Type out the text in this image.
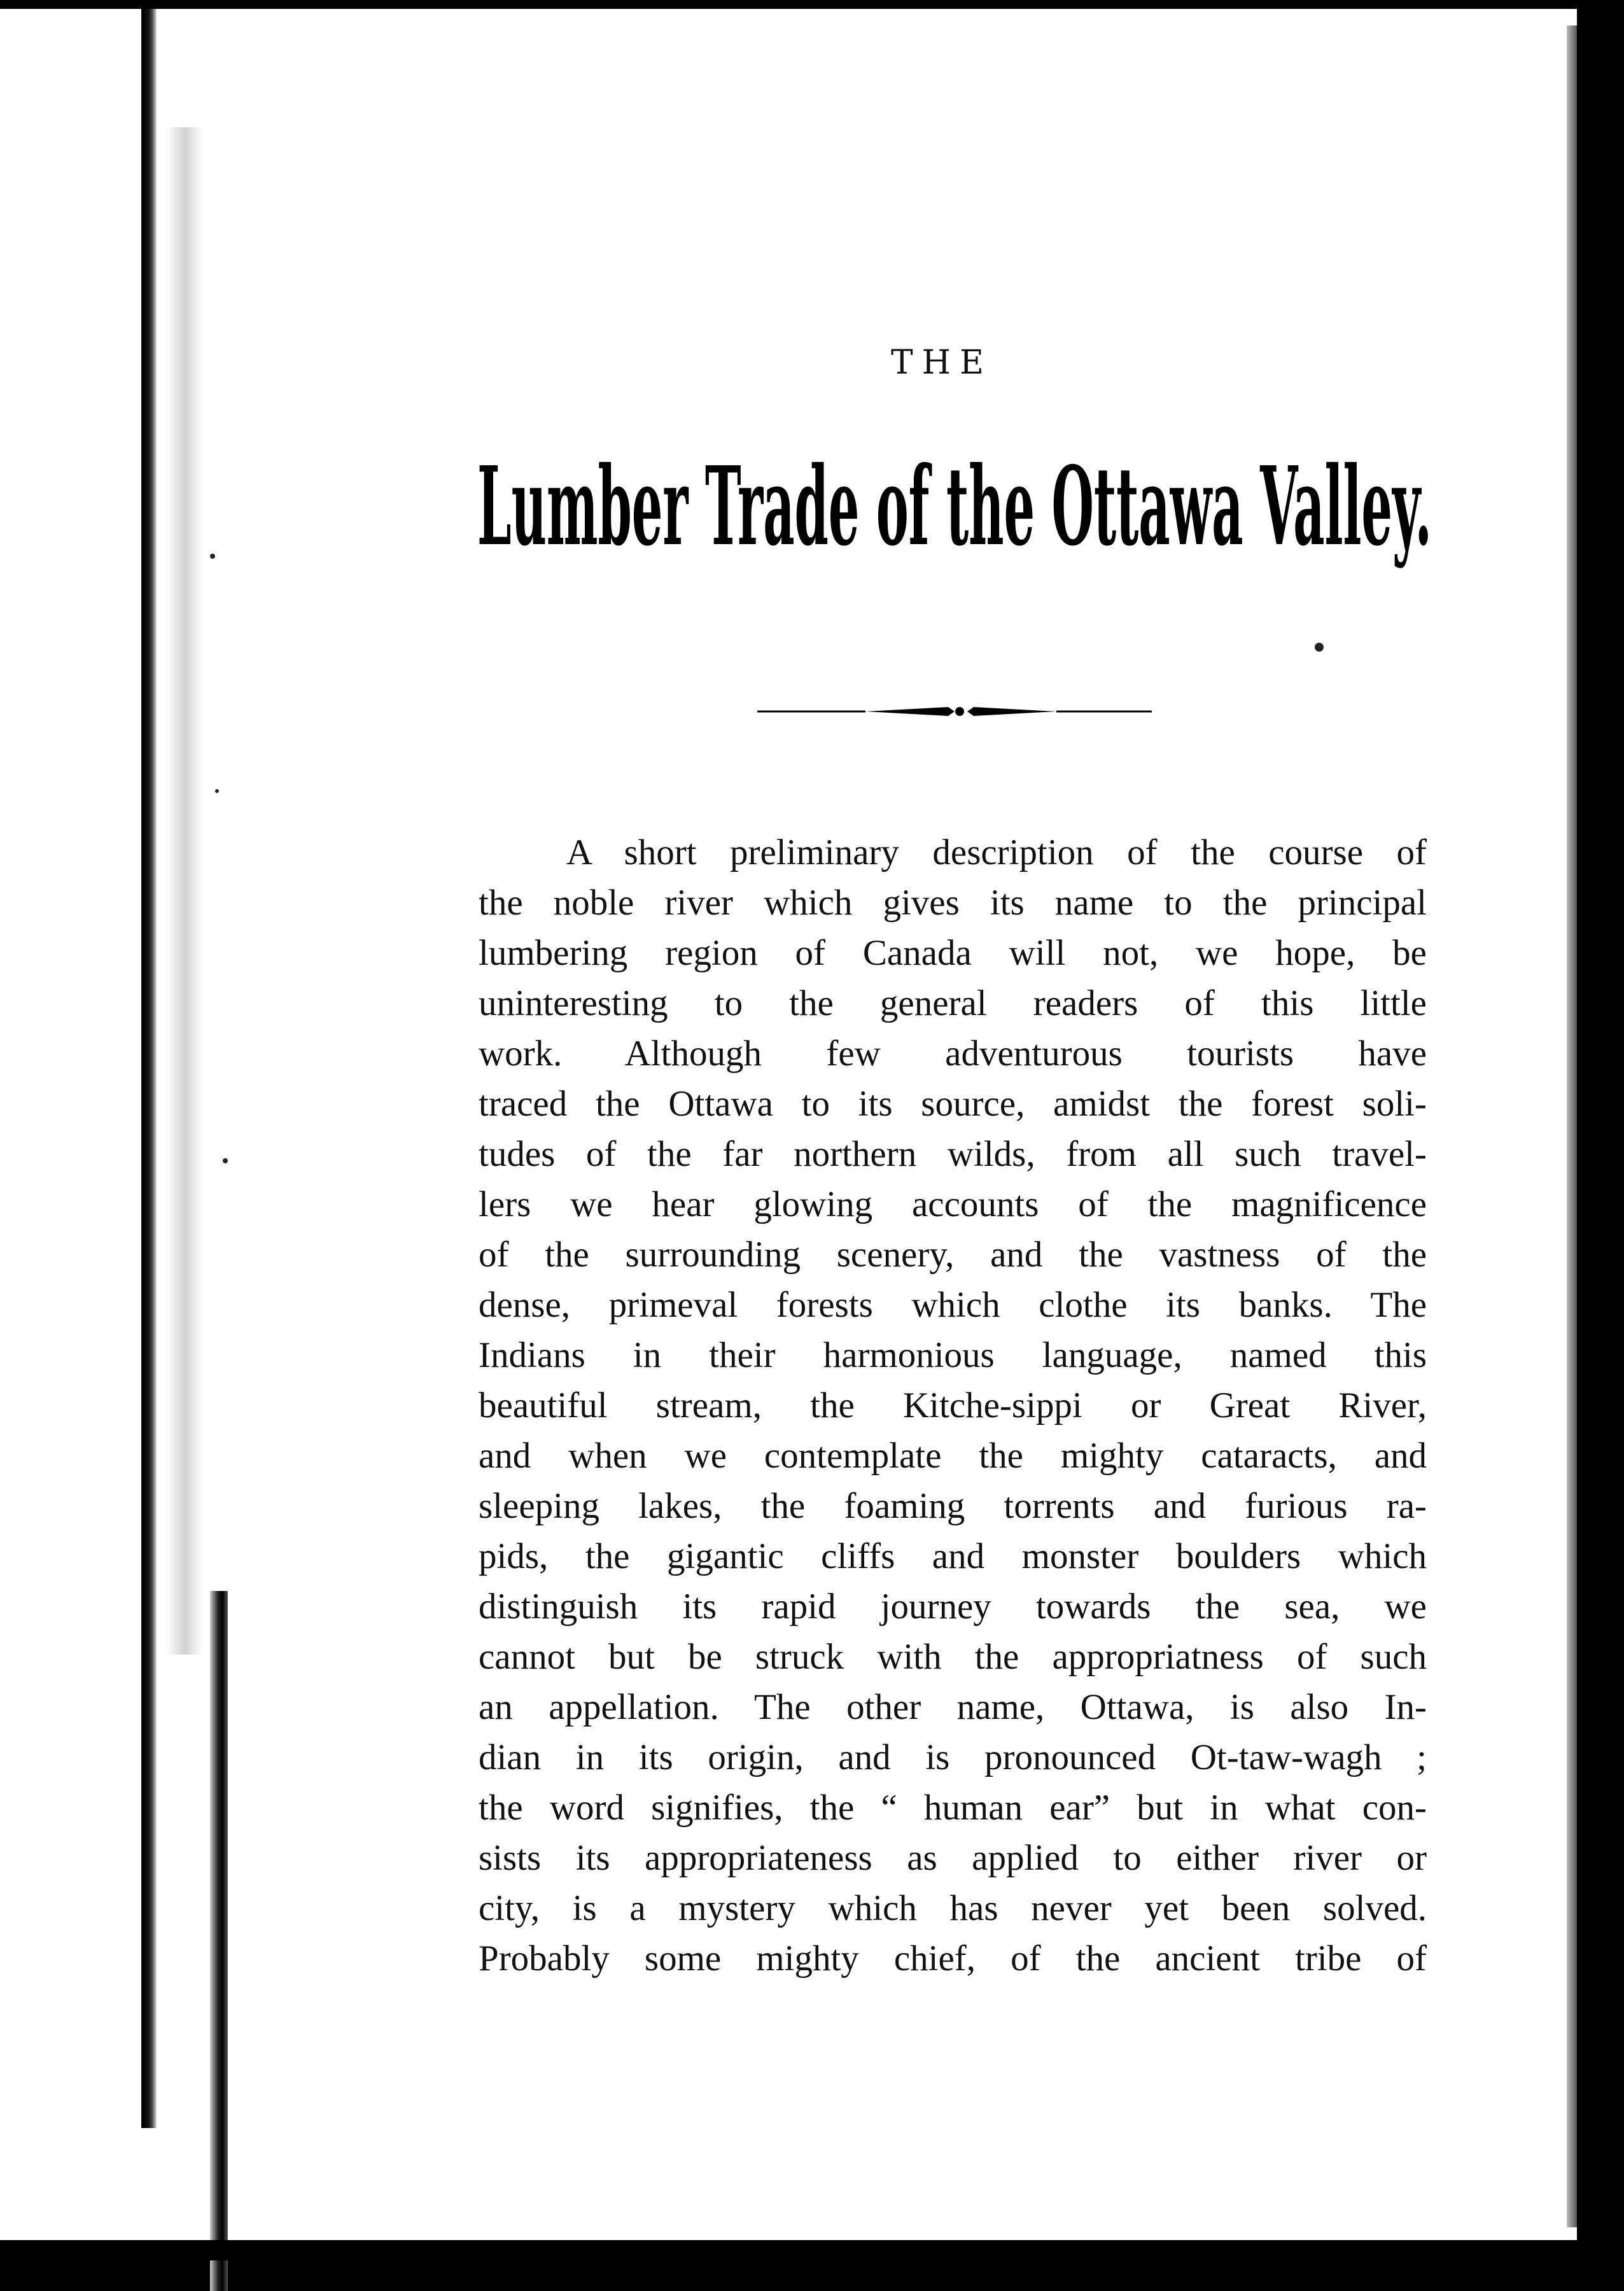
THE
Lumber Trade of the Ottawa Valley.
A short preliminary description of the course of
the noble river which gives its name to the principal
lumbering region of Canada will not, we hope, be
uninteresting to the general readers of this little
work. Although few adventurous tourists have
traced the Ottawa to its source, amidst the forest soli-
tudes of the far northern wilds, from all such travel-
lers we hear glowing accounts of the magnificence
of the surrounding scenery, and the vastness of the
dense, primeval forests which clothe its banks. The
Indians in their harmonious language, named this
beautiful stream, the Kitche-sippi or Great River,
and when we contemplate the mighty cataracts, and
sleeping lakes, the foaming torrents and furious ra-
pids, the gigantic cliffs and monster boulders which
distinguish its rapid journey towards the sea, we
cannot but be struck with the appropriatness of such
an appellation. The other name, Ottawa, is also In-
dian in its origin, and is pronounced Ot-taw-wagh ;
the word signifies, the “ human ear” but in what con-
sists its appropriateness as applied to either river or
city, is a mystery which has never yet been solved.
Probably some mighty chief, of the ancient tribe of
